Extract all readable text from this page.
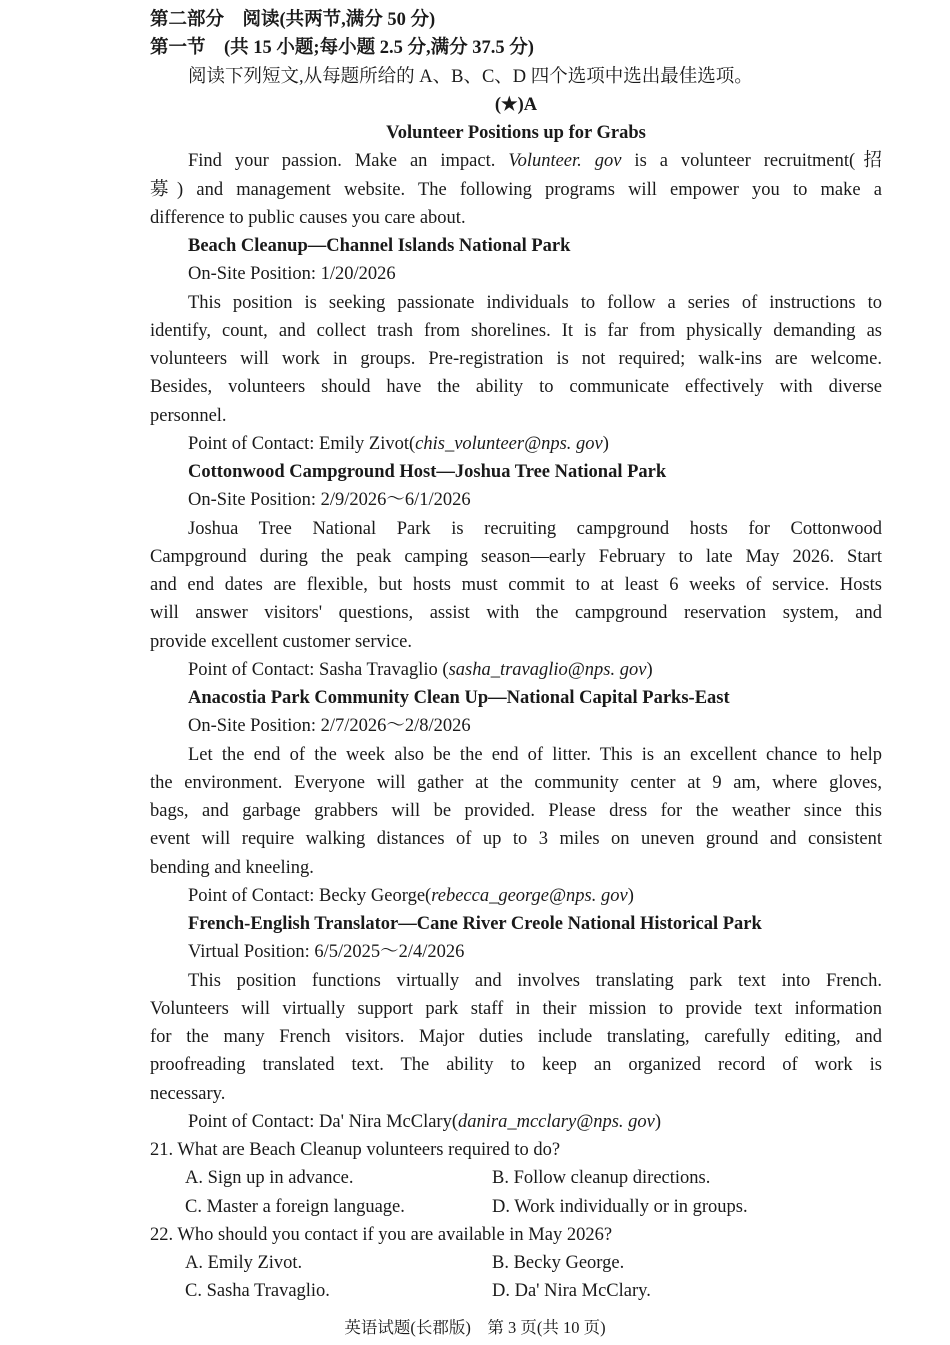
第二部分　阅读(共两节,满分 50 分)
第一节　(共 15 小题;每小题 2.5 分,满分 37.5 分)
阅读下列短文,从每题所给的 A、B、C、D 四个选项中选出最佳选项。
(★)A
Volunteer Positions up for Grabs
Find your passion. Make an impact. Volunteer. gov is a volunteer recruitment(招
募) and management website. The following programs will empower you to make a
difference to public causes you care about.
Beach Cleanup—Channel Islands National Park
On-Site Position: 1/20/2026
This position is seeking passionate individuals to follow a series of instructions to
identify, count, and collect trash from shorelines. It is far from physically demanding as
volunteers will work in groups. Pre-registration is not required; walk-ins are welcome.
Besides, volunteers should have the ability to communicate effectively with diverse
personnel.
Point of Contact: Emily Zivot(chis_volunteer@nps. gov)
Cottonwood Campground Host—Joshua Tree National Park
On-Site Position: 2/9/2026～6/1/2026
Joshua Tree National Park is recruiting campground hosts for Cottonwood
Campground during the peak camping season—early February to late May 2026. Start
and end dates are flexible, but hosts must commit to at least 6 weeks of service. Hosts
will answer visitors' questions, assist with the campground reservation system, and
provide excellent customer service.
Point of Contact: Sasha Travaglio (sasha_travaglio@nps. gov)
Anacostia Park Community Clean Up—National Capital Parks-East
On-Site Position: 2/7/2026～2/8/2026
Let the end of the week also be the end of litter. This is an excellent chance to help
the environment. Everyone will gather at the community center at 9 am, where gloves,
bags, and garbage grabbers will be provided. Please dress for the weather since this
event will require walking distances of up to 3 miles on uneven ground and consistent
bending and kneeling.
Point of Contact: Becky George(rebecca_george@nps. gov)
French-English Translator—Cane River Creole National Historical Park
Virtual Position: 6/5/2025～2/4/2026
This position functions virtually and involves translating park text into French.
Volunteers will virtually support park staff in their mission to provide text information
for the many French visitors. Major duties include translating, carefully editing, and
proofreading translated text. The ability to keep an organized record of work is
necessary.
Point of Contact: Da' Nira McClary(danira_mcclary@nps. gov)
21. What are Beach Cleanup volunteers required to do?
A. Sign up in advance.	B. Follow cleanup directions.
C. Master a foreign language.	D. Work individually or in groups.
22. Who should you contact if you are available in May 2026?
A. Emily Zivot.	B. Becky George.
C. Sasha Travaglio.	D. Da' Nira McClary.
英语试题(长郡版)　第 3 页(共 10 页)
